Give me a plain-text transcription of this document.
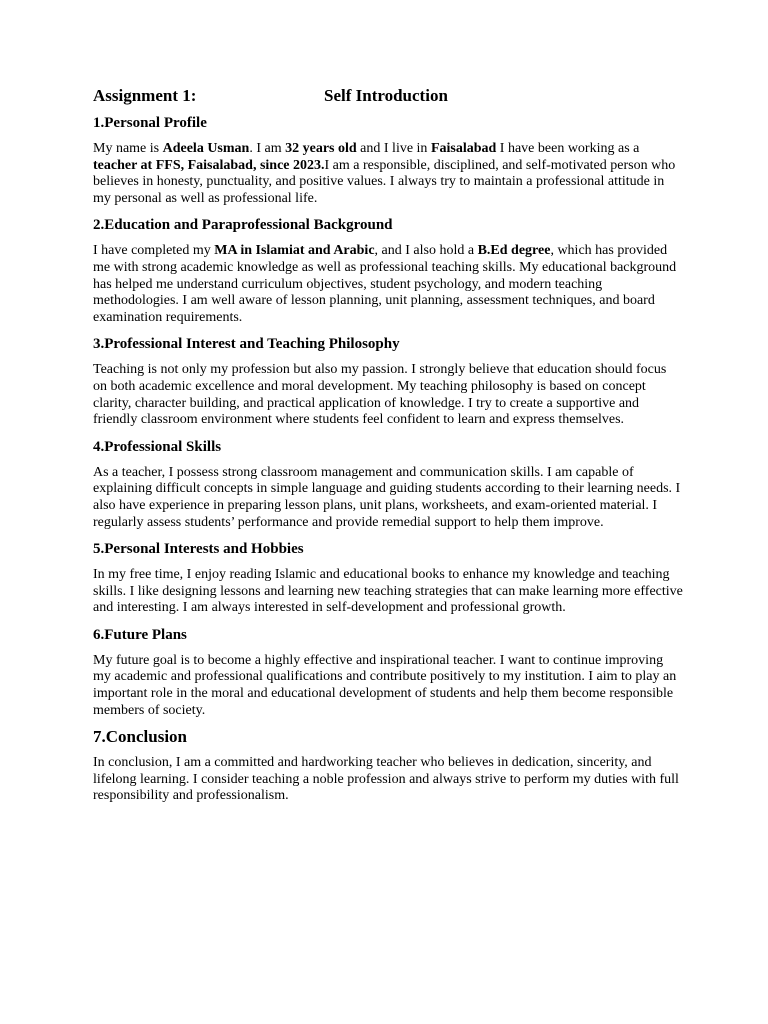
Assignment 1:	Self Introduction
1.Personal Profile

My name is Adeela Usman. I am 32 years old and I live in Faisalabad I have been working as a teacher at FFS, Faisalabad, since 2023.I am a responsible, disciplined, and self-motivated person who believes in honesty, punctuality, and positive values. I always try to maintain a professional attitude in my personal as well as professional life.

2.Education and Paraprofessional Background

I have completed my MA in Islamiat and Arabic, and I also hold a B.Ed degree, which has provided me with strong academic knowledge as well as professional teaching skills. My educational background has helped me understand curriculum objectives, student psychology, and modern teaching methodologies. I am well aware of lesson planning, unit planning, assessment techniques, and board examination requirements.

3.Professional Interest and Teaching Philosophy

Teaching is not only my profession but also my passion. I strongly believe that education should focus on both academic excellence and moral development. My teaching philosophy is based on concept clarity, character building, and practical application of knowledge. I try to create a supportive and friendly classroom environment where students feel confident to learn and express themselves.

4.Professional Skills

As a teacher, I possess strong classroom management and communication skills. I am capable of explaining difficult concepts in simple language and guiding students according to their learning needs. I also have experience in preparing lesson plans, unit plans, worksheets, and exam-oriented material. I regularly assess students’ performance and provide remedial support to help them improve.

5.Personal Interests and Hobbies

In my free time, I enjoy reading Islamic and educational books to enhance my knowledge and teaching skills. I like designing lessons and learning new teaching strategies that can make learning more effective and interesting. I am always interested in self-development and professional growth.

6.Future Plans

My future goal is to become a highly effective and inspirational teacher. I want to continue improving my academic and professional qualifications and contribute positively to my institution. I aim to play an important role in the moral and educational development of students and help them become responsible members of society.

7.Conclusion

In conclusion, I am a committed and hardworking teacher who believes in dedication, sincerity, and lifelong learning. I consider teaching a noble profession and always strive to perform my duties with full responsibility and professionalism.
